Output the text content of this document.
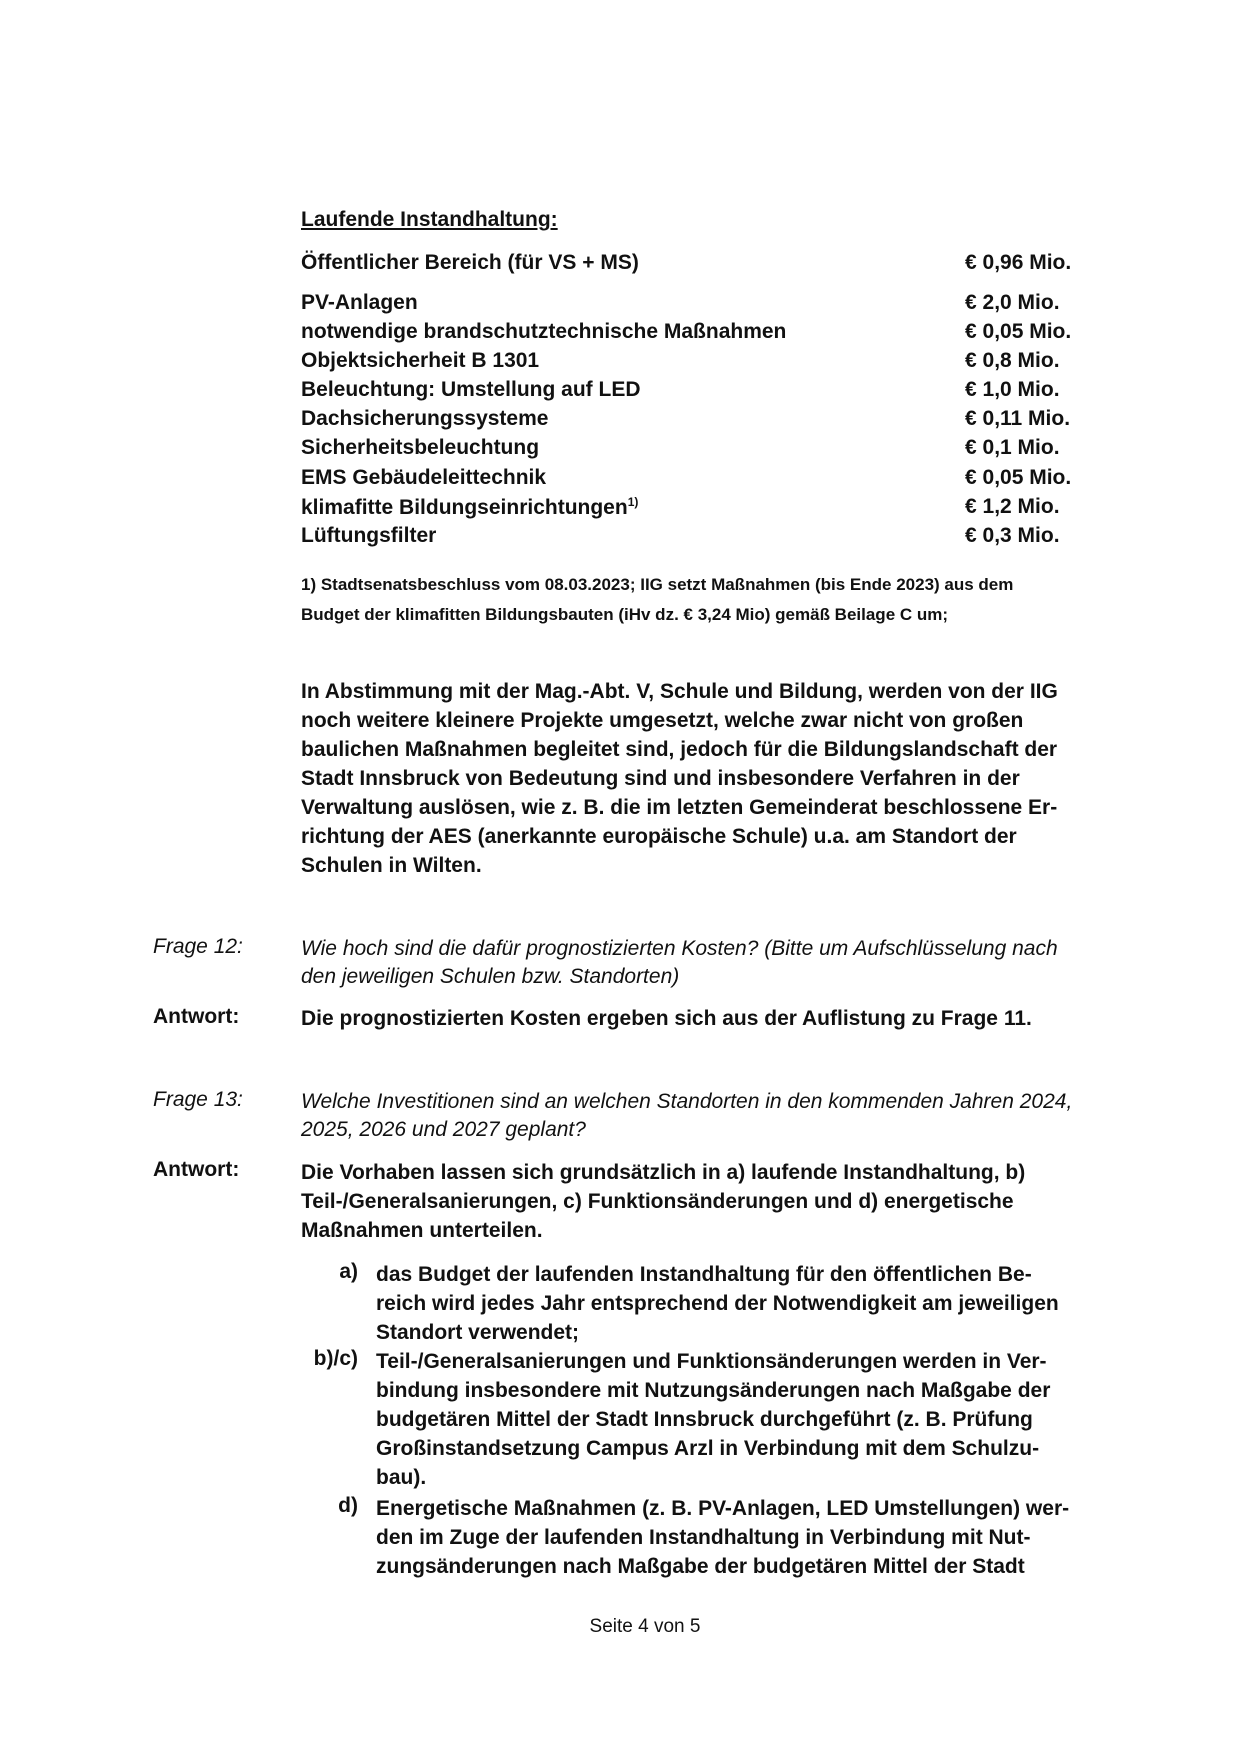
Laufende Instandhaltung:
Öffentlicher Bereich (für VS + MS)	€ 0,96 Mio.
PV-Anlagen	€ 2,0 Mio.
notwendige brandschutztechnische Maßnahmen	€ 0,05 Mio.
Objektsicherheit B 1301	€ 0,8 Mio.
Beleuchtung: Umstellung auf LED	€ 1,0 Mio.
Dachsicherungssysteme	€ 0,11 Mio.
Sicherheitsbeleuchtung	€ 0,1 Mio.
EMS Gebäudeleittechnik	€ 0,05 Mio.
klimafitte Bildungseinrichtungen$^{1)}$	€ 1,2 Mio.
Lüftungsfilter	€ 0,3 Mio.
1) Stadtsenatsbeschluss vom 08.03.2023; IIG setzt Maßnahmen (bis Ende 2023) aus dem
Budget der klimafitten Bildungsbauten (iHv dz. € 3,24 Mio) gemäß Beilage C um;
In Abstimmung mit der Mag.-Abt. V, Schule und Bildung, werden von der IIG
noch weitere kleinere Projekte umgesetzt, welche zwar nicht von großen
baulichen Maßnahmen begleitet sind, jedoch für die Bildungslandschaft der
Stadt Innsbruck von Bedeutung sind und insbesondere Verfahren in der
Verwaltung auslösen, wie z. B. die im letzten Gemeinderat beschlossene Er-
richtung der AES (anerkannte europäische Schule) u.a. am Standort der
Schulen in Wilten.
Frage 12:	Wie hoch sind die dafür prognostizierten Kosten? (Bitte um Aufschlüsselung nach
den jeweiligen Schulen bzw. Standorten)
Antwort:	Die prognostizierten Kosten ergeben sich aus der Auflistung zu Frage 11.
Frage 13:	Welche Investitionen sind an welchen Standorten in den kommenden Jahren 2024,
2025, 2026 und 2027 geplant?
Antwort:	Die Vorhaben lassen sich grundsätzlich in a) laufende Instandhaltung, b)
Teil-/Generalsanierungen, c) Funktionsänderungen und d) energetische
Maßnahmen unterteilen.
a) das Budget der laufenden Instandhaltung für den öffentlichen Be-
reich wird jedes Jahr entsprechend der Notwendigkeit am jeweiligen
Standort verwendet;
b)/c) Teil-/Generalsanierungen und Funktionsänderungen werden in Ver-
bindung insbesondere mit Nutzungsänderungen nach Maßgabe der
budgetären Mittel der Stadt Innsbruck durchgeführt (z. B. Prüfung
Großinstandsetzung Campus Arzl in Verbindung mit dem Schulzu-
bau).
d) Energetische Maßnahmen (z. B. PV-Anlagen, LED Umstellungen) wer-
den im Zuge der laufenden Instandhaltung in Verbindung mit Nut-
zungsänderungen nach Maßgabe der budgetären Mittel der Stadt
Seite 4 von 5
